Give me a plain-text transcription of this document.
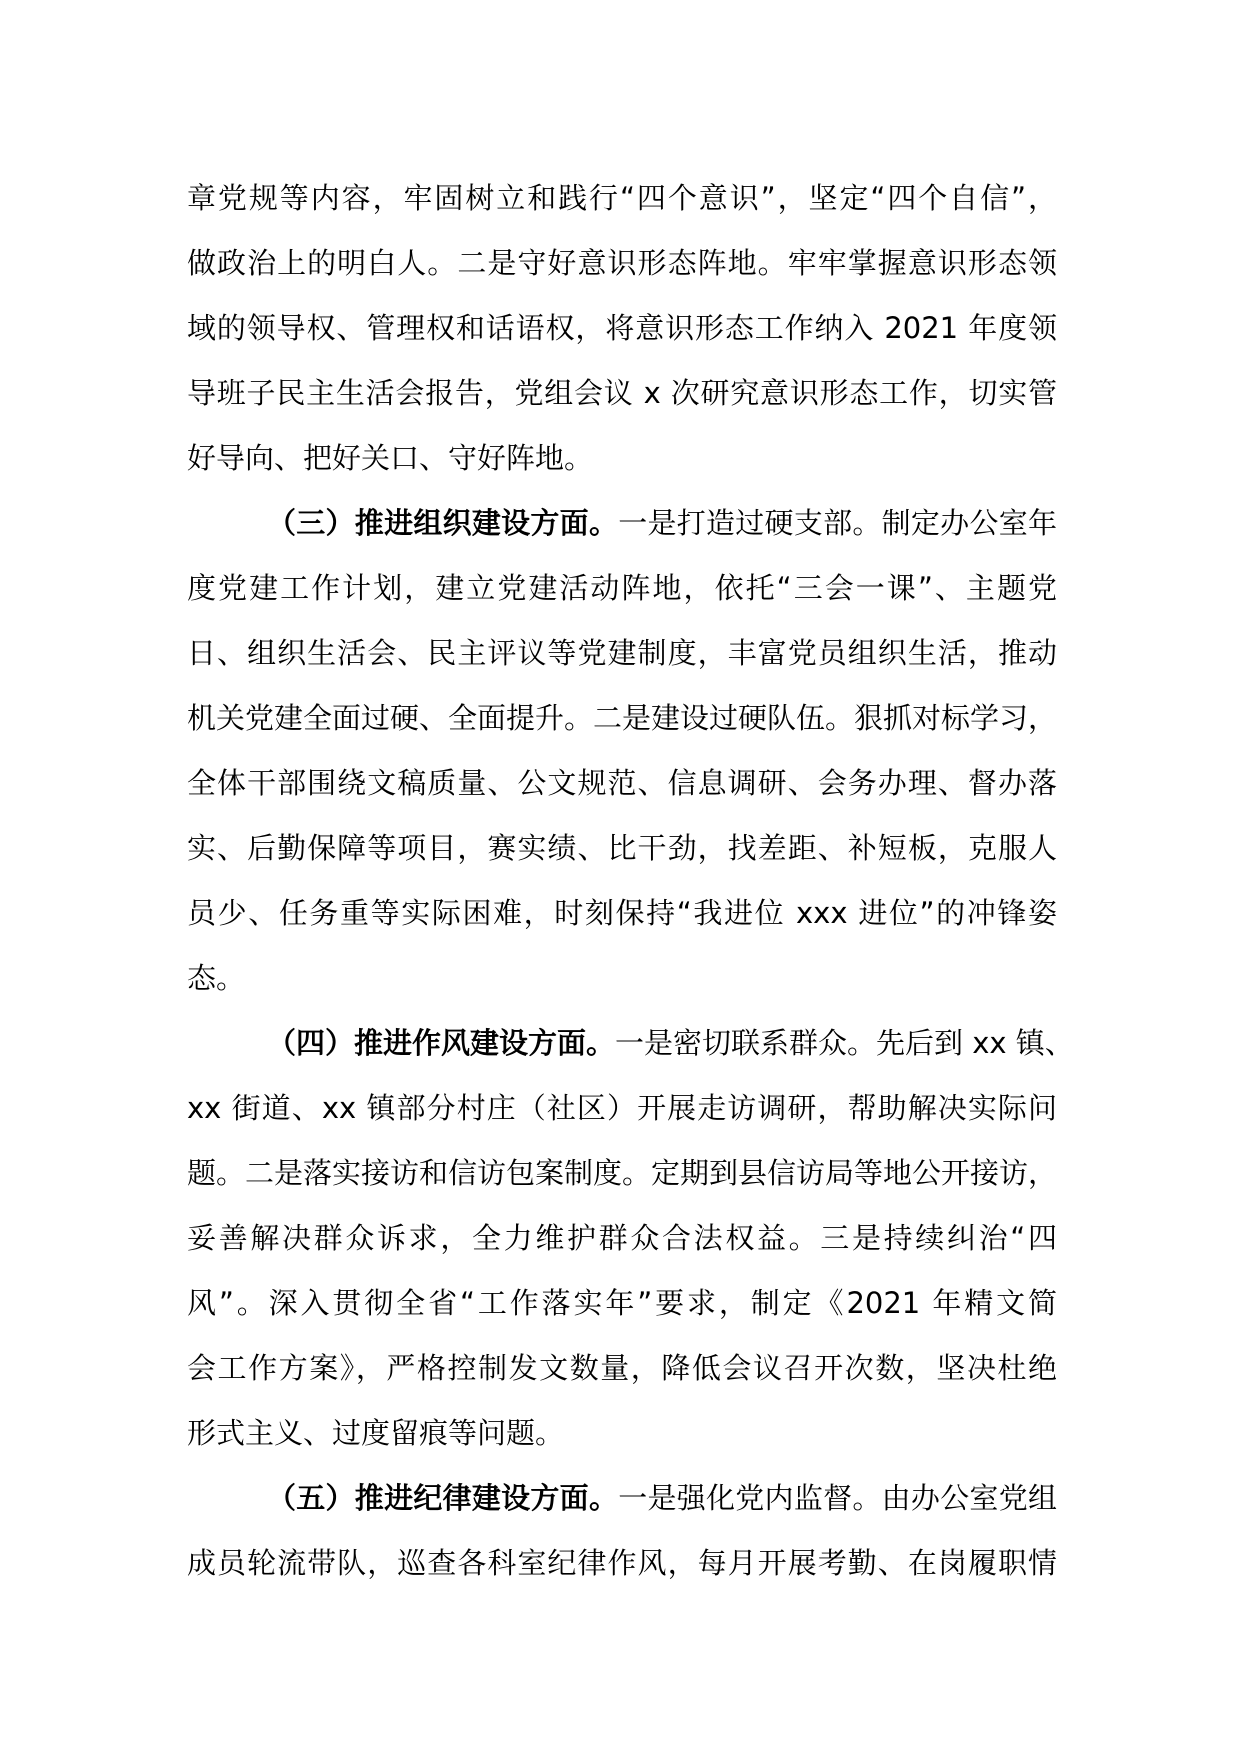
章党规等内容，牢固树立和践行“四个意识”，坚定“四个自信”，
做政治上的明白人。二是守好意识形态阵地。牢牢掌握意识形态领
域的领导权、管理权和话语权，将意识形态工作纳入 2021 年度领
导班子民主生活会报告，党组会议 x 次研究意识形态工作，切实管
好导向、把好关口、守好阵地。
（三）推进组织建设方面。一是打造过硬支部。制定办公室年
度党建工作计划，建立党建活动阵地，依托“三会一课”、主题党
日、组织生活会、民主评议等党建制度，丰富党员组织生活，推动
机关党建全面过硬、全面提升。二是建设过硬队伍。狠抓对标学习，
全体干部围绕文稿质量、公文规范、信息调研、会务办理、督办落
实、后勤保障等项目，赛实绩、比干劲，找差距、补短板，克服人
员少、任务重等实际困难，时刻保持“我进位 xxx 进位”的冲锋姿
态。
（四）推进作风建设方面。一是密切联系群众。先后到 xx 镇、
xx 街道、xx 镇部分村庄（社区）开展走访调研，帮助解决实际问
题。二是落实接访和信访包案制度。定期到县信访局等地公开接访，
妥善解决群众诉求，全力维护群众合法权益。三是持续纠治“四
风”。深入贯彻全省“工作落实年”要求，制定《2021 年精文简
会工作方案》，严格控制发文数量，降低会议召开次数，坚决杜绝
形式主义、过度留痕等问题。
（五）推进纪律建设方面。一是强化党内监督。由办公室党组
成员轮流带队，巡查各科室纪律作风，每月开展考勤、在岗履职情
